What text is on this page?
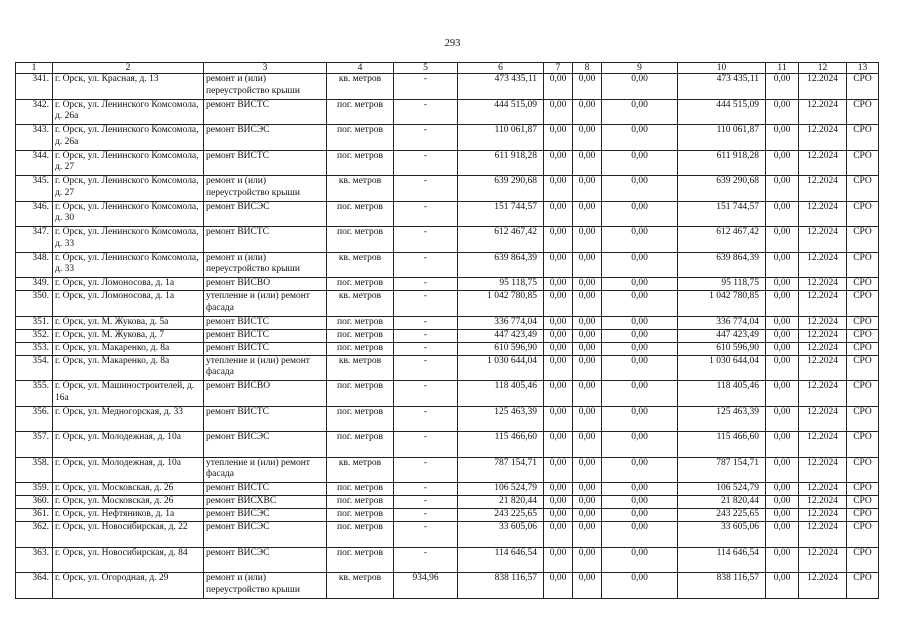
293
1	2	3	4	5	6	7	8	9	10	11	12	13
341.	г. Орск, ул. Красная, д. 13	ремонт и (или) переустройство крыши	кв. метров	-	473 435,11	0,00	0,00	0,00	473 435,11	0,00	12.2024	СРО
342.	г. Орск, ул. Ленинского Комсомола, д. 26а	ремонт ВИСТС	пог. метров	-	444 515,09	0,00	0,00	0,00	444 515,09	0,00	12.2024	СРО
343.	г. Орск, ул. Ленинского Комсомола, д. 26а	ремонт ВИСЭС	пог. метров	-	110 061,87	0,00	0,00	0,00	110 061,87	0,00	12.2024	СРО
344.	г. Орск, ул. Ленинского Комсомола, д. 27	ремонт ВИСТС	пог. метров	-	611 918,28	0,00	0,00	0,00	611 918,28	0,00	12.2024	СРО
345.	г. Орск, ул. Ленинского Комсомола, д. 27	ремонт и (или) переустройство крыши	кв. метров	-	639 290,68	0,00	0,00	0,00	639 290,68	0,00	12.2024	СРО
346.	г. Орск, ул. Ленинского Комсомола, д. 30	ремонт ВИСЭС	пог. метров	-	151 744,57	0,00	0,00	0,00	151 744,57	0,00	12.2024	СРО
347.	г. Орск, ул. Ленинского Комсомола, д. 33	ремонт ВИСТС	пог. метров	-	612 467,42	0,00	0,00	0,00	612 467,42	0,00	12.2024	СРО
348.	г. Орск, ул. Ленинского Комсомола, д. 33	ремонт и (или) переустройство крыши	кв. метров	-	639 864,39	0,00	0,00	0,00	639 864,39	0,00	12.2024	СРО
349.	г. Орск, ул. Ломоносова, д. 1а	ремонт ВИСВО	пог. метров	-	95 118,75	0,00	0,00	0,00	95 118,75	0,00	12.2024	СРО
350.	г. Орск, ул. Ломоносова, д. 1а	утепление и (или) ремонт фасада	кв. метров	-	1 042 780,85	0,00	0,00	0,00	1 042 780,85	0,00	12.2024	СРО
351.	г. Орск, ул. М. Жукова, д. 5а	ремонт ВИСТС	пог. метров	-	336 774,04	0,00	0,00	0,00	336 774,04	0,00	12.2024	СРО
352.	г. Орск, ул. М. Жукова, д. 7	ремонт ВИСТС	пог. метров	-	447 423,49	0,00	0,00	0,00	447 423,49	0,00	12.2024	СРО
353.	г. Орск, ул. Макаренко, д. 8а	ремонт ВИСТС	пог. метров	-	610 596,90	0,00	0,00	0,00	610 596,90	0,00	12.2024	СРО
354.	г. Орск, ул. Макаренко, д. 8а	утепление и (или) ремонт фасада	кв. метров	-	1 030 644,04	0,00	0,00	0,00	1 030 644,04	0,00	12.2024	СРО
355.	г. Орск, ул. Машиностроителей, д. 16а	ремонт ВИСВО	пог. метров	-	118 405,46	0,00	0,00	0,00	118 405,46	0,00	12.2024	СРО
356.	г. Орск, ул. Медногорская, д. 33	ремонт ВИСТС	пог. метров	-	125 463,39	0,00	0,00	0,00	125 463,39	0,00	12.2024	СРО
357.	г. Орск, ул. Молодежная, д. 10а	ремонт ВИСЭС	пог. метров	-	115 466,60	0,00	0,00	0,00	115 466,60	0,00	12.2024	СРО
358.	г. Орск, ул. Молодежная, д. 10а	утепление и (или) ремонт фасада	кв. метров	-	787 154,71	0,00	0,00	0,00	787 154,71	0,00	12.2024	СРО
359.	г. Орск, ул. Московская, д. 26	ремонт ВИСТС	пог. метров	-	106 524,79	0,00	0,00	0,00	106 524,79	0,00	12.2024	СРО
360.	г. Орск, ул. Московская, д. 26	ремонт ВИСХВС	пог. метров	-	21 820,44	0,00	0,00	0,00	21 820,44	0,00	12.2024	СРО
361.	г. Орск, ул. Нефтяников, д. 1а	ремонт ВИСЭС	пог. метров	-	243 225,65	0,00	0,00	0,00	243 225,65	0,00	12.2024	СРО
362.	г. Орск, ул. Новосибирская, д. 22	ремонт ВИСЭС	пог. метров	-	33 605,06	0,00	0,00	0,00	33 605,06	0,00	12.2024	СРО
363.	г. Орск, ул. Новосибирская, д. 84	ремонт ВИСЭС	пог. метров	-	114 646,54	0,00	0,00	0,00	114 646,54	0,00	12.2024	СРО
364.	г. Орск, ул. Огородная, д. 29	ремонт и (или) переустройство крыши	кв. метров	934,96	838 116,57	0,00	0,00	0,00	838 116,57	0,00	12.2024	СРО
